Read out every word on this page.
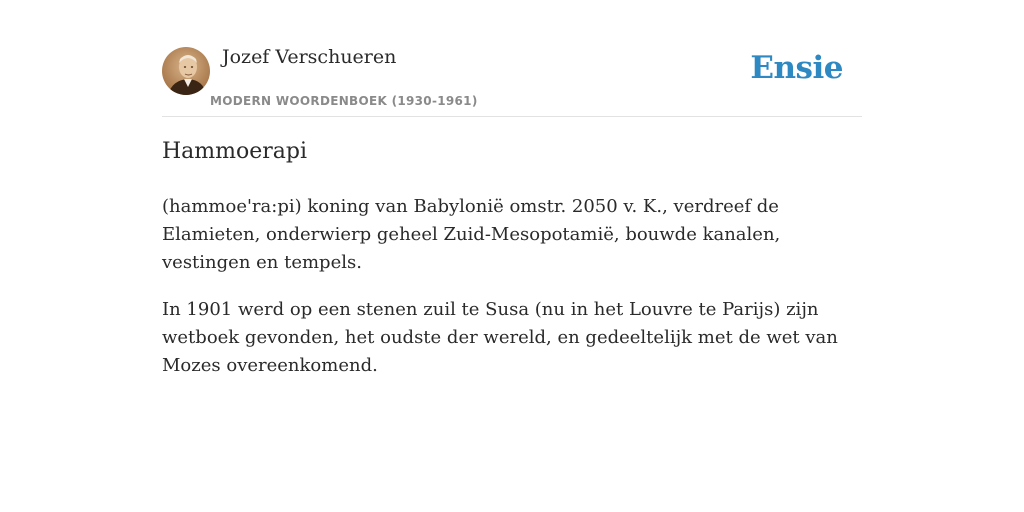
Jozef Verschueren
MODERN WOORDENBOEK (1930-1961)
Ensie
Hammoerapi

(hammoe'ra:pi) koning van Babylonië omstr. 2050 v. K., verdreef de Elamieten, onderwierp geheel Zuid-Mesopotamië, bouwde kanalen, vestingen en tempels.

In 1901 werd op een stenen zuil te Susa (nu in het Louvre te Parijs) zijn wetboek gevonden, het oudste der wereld, en gedeeltelijk met de wet van Mozes overeenkomend.
